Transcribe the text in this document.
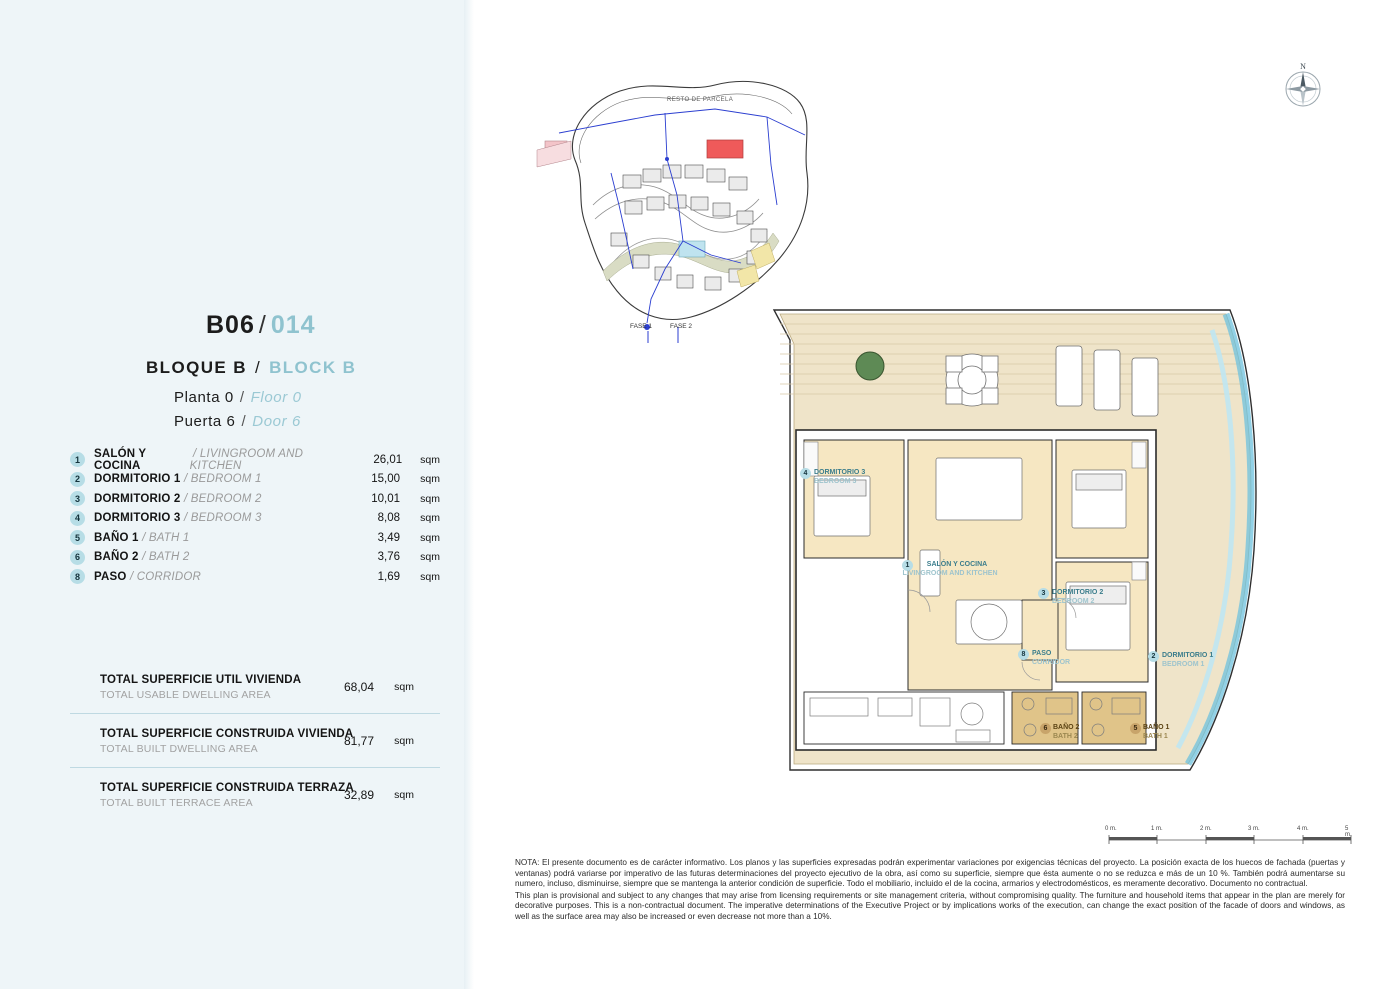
B06 / 014
BLOQUE B / BLOCK B
Planta 0 / Floor 0
Puerta 6 / Door 6
1	SALÓN Y COCINA
/ LIVINGROOM AND KITCHEN	26,01	sqm
2	DORMITORIO 1 / BEDROOM 1	15,00	sqm
3	DORMITORIO 2 / BEDROOM 2	10,01	sqm
4	DORMITORIO 3 / BEDROOM 3	8,08	sqm
5	BAÑO 1 / BATH 1	3,49	sqm
6	BAÑO 2 / BATH 2	3,76	sqm
8	PASO / CORRIDOR	1,69	sqm
TOTAL SUPERFICIE UTIL VIVIENDA
TOTAL USABLE DWELLING AREA
68,04 sqm
TOTAL SUPERFICIE CONSTRUIDA VIVIENDA
TOTAL BUILT DWELLING AREA
81,77 sqm
TOTAL SUPERFICIE CONSTRUIDA TERRAZA
TOTAL BUILT TERRACE AREA
32,89 sqm
N
RESTO DE PARCELA
FASE 1	FASE 2
4 DORMITORIO 3
BEDROOM 3
1	SALÓN Y COCINA
LIVINGROOM AND KITCHEN
3 DORMITORIO 2
BEDROOM 2
2 DORMITORIO 1
BEDROOM 1
8 PASO
CORRIDOR
6 BAÑO 2
BATH 2
5 BAÑO 1
BATH 1
0 m.	1 m.	2 m.	3 m.	4 m.	5 m.

NOTA: El presente documento es de carácter informativo. Los planos y las superficies expresadas podrán experimentar variaciones por exigencias técnicas del proyecto. La posición exacta de los huecos de fachada (puertas y ventanas) podrá variarse por imperativo de las futuras determinaciones del proyecto ejecutivo de la obra, así como su superficie, siempre que ésta aumente o no se reduzca e más de un 10 %. También podrá aumentarse su numero, incluso, disminuirse, siempre que se mantenga la anterior condición de superficie. Todo el mobiliario, incluido el de la cocina, armarios y electrodomésticos, es meramente decorativo. Documento no contractual.

This plan is provisional and subject to any changes that may arise from licensing requirements or site management criteria, without compromising quality. The furniture and household items that appear in the plan are merely for decorative purposes. This is a non-contractual document. The imperative determinations of the Executive Project or by implications works of the execution, can change the exact position of the facade of doors and windows, as well as the surface area may also be increased or even decrease not more than a 10%.
